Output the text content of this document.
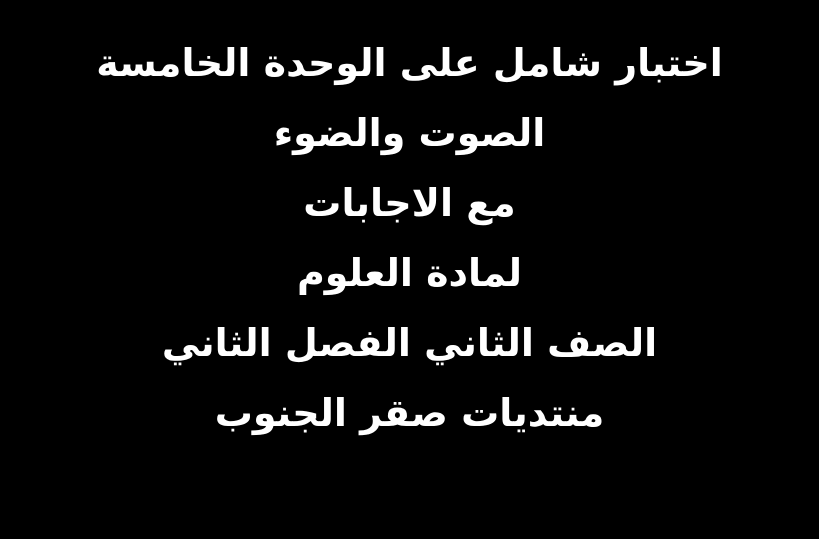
اختبار شامل على الوحدة الخامسة
الصوت والضوء
مع الاجابات
لمادة العلوم
الصف الثاني الفصل الثاني
منتديات صقر الجنوب
